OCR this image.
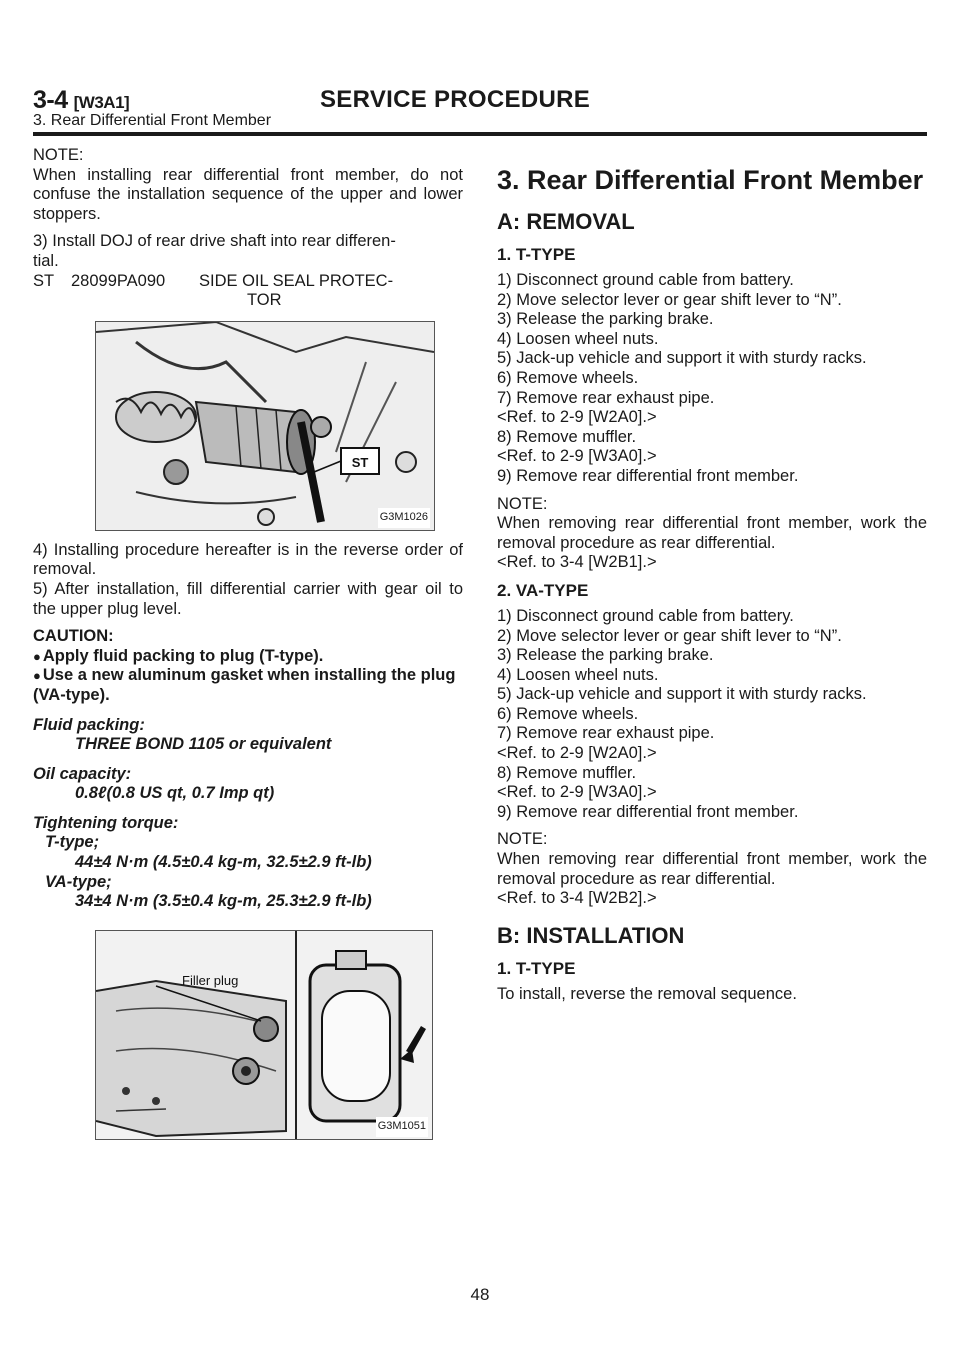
3-4 [W3A1]	SERVICE PROCEDURE
3. Rear Differential Front Member

NOTE:

When installing rear differential front member, do not confuse the installation sequence of the upper and lower stoppers.

3) Install DOJ of rear drive shaft into rear differen-
tial.
ST	28099PA090	SIDE OIL SEAL PROTEC-
TOR
ST
G3M1026

4) Installing procedure hereafter is in the reverse order of removal.

5) After installation, fill differential carrier with gear oil to the upper plug level.

CAUTION:

● Apply fluid packing to plug (T-type).

● Use a new aluminum gasket when installing the plug (VA-type).

Fluid packing:

THREE BOND 1105 or equivalent

Oil capacity:

0.8ℓ(0.8 US qt, 0.7 Imp qt)

Tightening torque:

T-type;

44±4 N·m (4.5±0.4 kg-m, 32.5±2.9 ft-lb)

VA-type;

34±4 N·m (3.5±0.4 kg-m, 25.3±2.9 ft-lb)

Filler plug
G3M1051
3. Rear Differential Front Member
A: REMOVAL
1. T-TYPE
1) Disconnect ground cable from battery.
2) Move selector lever or gear shift lever to “N”.
3) Release the parking brake.
4) Loosen wheel nuts.
5) Jack-up vehicle and support it with sturdy racks.
6) Remove wheels.
7) Remove rear exhaust pipe.
<Ref. to 2-9 [W2A0].>
8) Remove muffler.
<Ref. to 2-9 [W3A0].>
9) Remove rear differential front member.

NOTE:

When removing rear differential front member, work the removal procedure as rear differential.

<Ref. to 3-4 [W2B1].>

2. VA-TYPE
1) Disconnect ground cable from battery.
2) Move selector lever or gear shift lever to “N”.
3) Release the parking brake.
4) Loosen wheel nuts.
5) Jack-up vehicle and support it with sturdy racks.
6) Remove wheels.
7) Remove rear exhaust pipe.
<Ref. to 2-9 [W2A0].>
8) Remove muffler.
<Ref. to 2-9 [W3A0].>
9) Remove rear differential front member.

NOTE:

When removing rear differential front member, work the removal procedure as rear differential.

<Ref. to 3-4 [W2B2].>

B: INSTALLATION
1. T-TYPE

To install, reverse the removal sequence.

48
